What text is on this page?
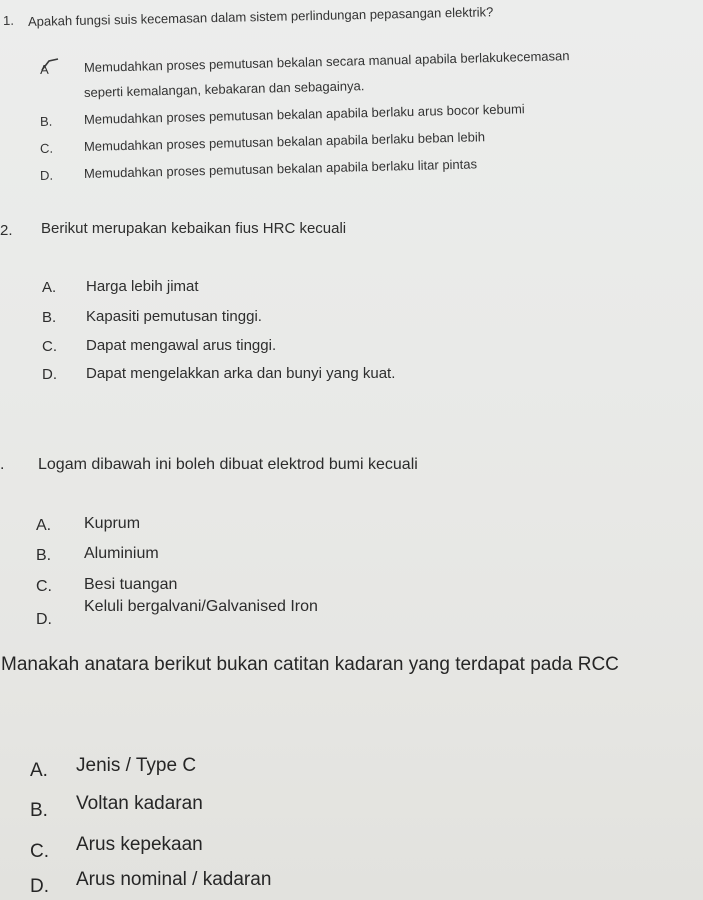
1. Apakah fungsi suis kecemasan dalam sistem perlindungan pepasangan elektrik?
A	Memudahkan proses pemutusan bekalan secara manual apabila berlakukecemasan
seperti kemalangan, kebakaran dan sebagainya.
B. Memudahkan proses pemutusan bekalan apabila berlaku arus bocor kebumi
C. Memudahkan proses pemutusan bekalan apabila berlaku beban lebih
D. Memudahkan proses pemutusan bekalan apabila berlaku litar pintas
2. Berikut merupakan kebaikan fius HRC kecuali
A. Harga lebih jimat
B. Kapasiti pemutusan tinggi.
C. Dapat mengawal arus tinggi.
D. Dapat mengelakkan arka dan bunyi yang kuat.
. Logam dibawah ini boleh dibuat elektrod bumi kecuali
A. Kuprum
B. Aluminium
C. Besi tuangan
D.
Keluli bergalvani/Galvanised Iron
Manakah anatara berikut bukan catitan kadaran yang terdapat pada RCC
A. Jenis / Type C
B. Voltan kadaran
C. Arus kepekaan
D. Arus nominal / kadaran
